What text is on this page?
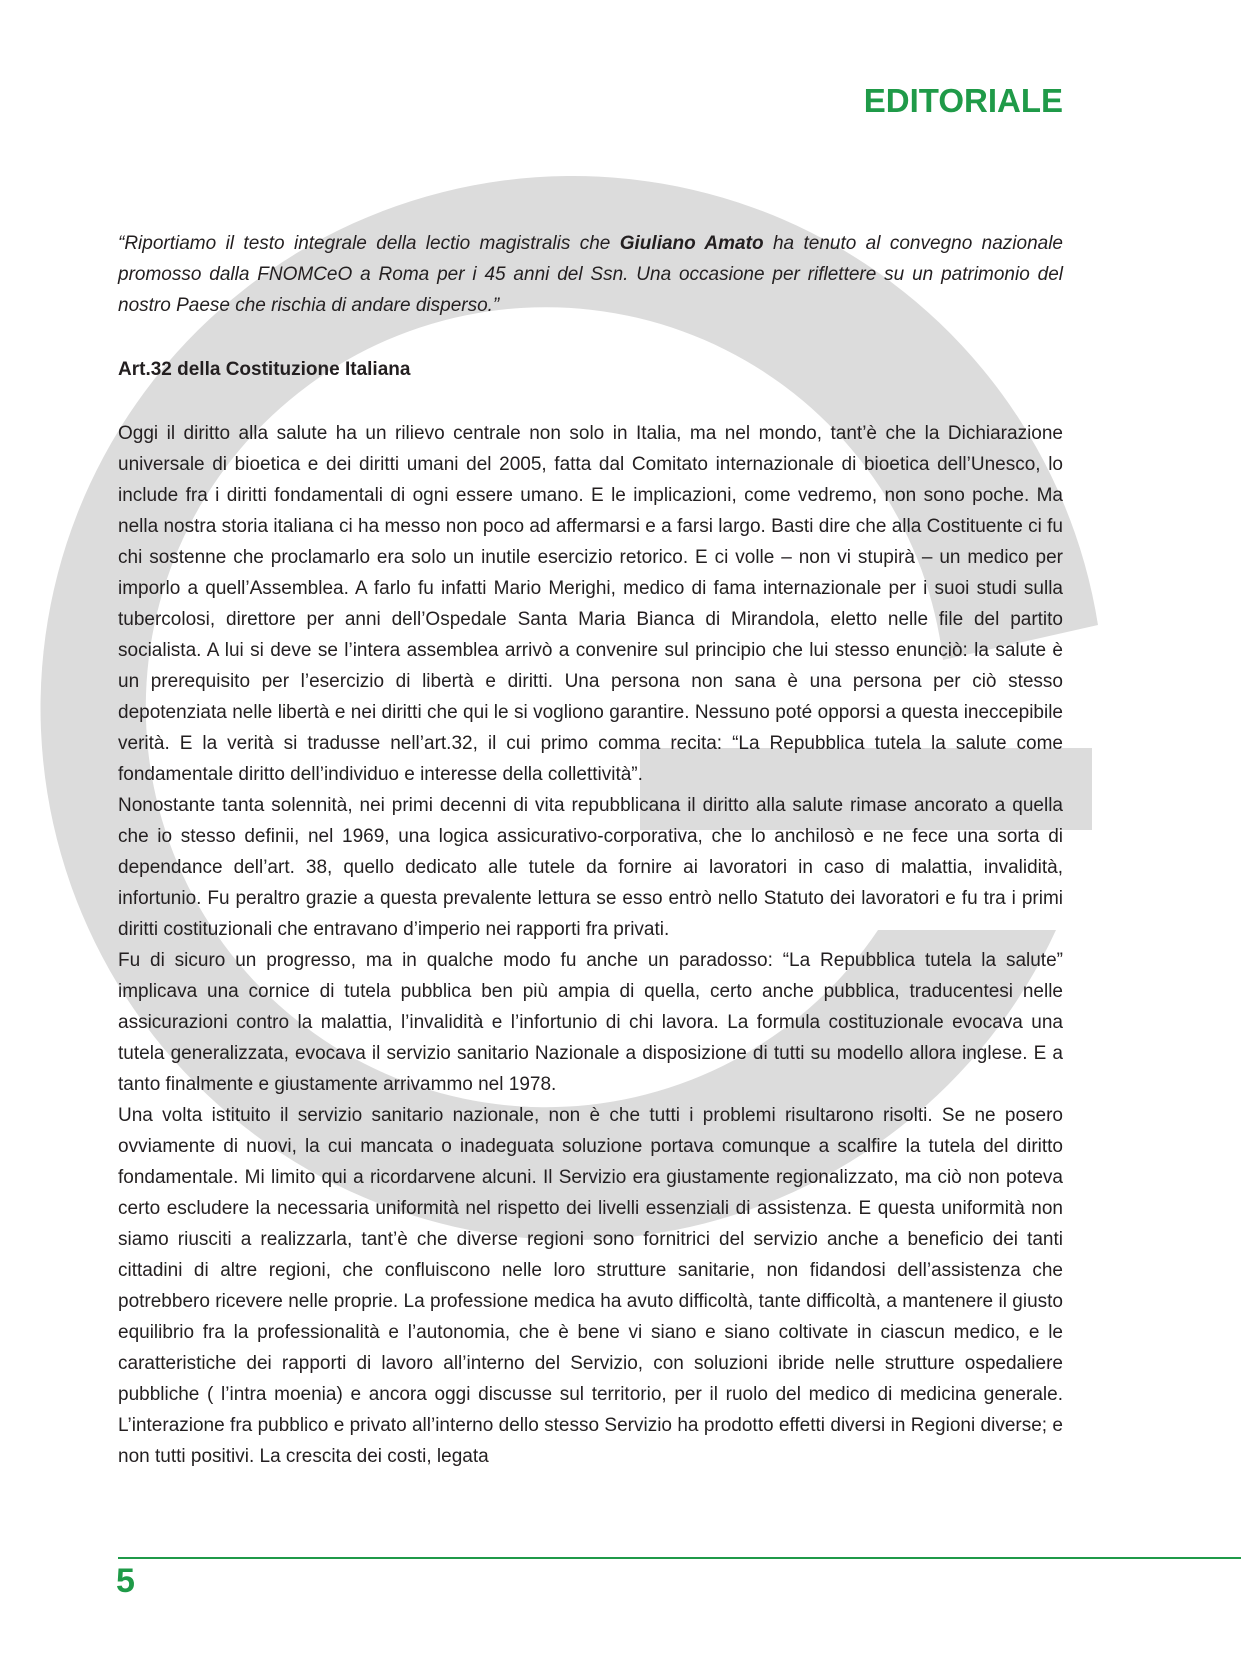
EDITORIALE

“Riportiamo il testo integrale della lectio magistralis che Giuliano Amato ha tenuto al convegno nazionale promosso dalla FNOMCeO a Roma per i 45 anni del Ssn. Una occasione per riflettere su un patrimonio del nostro Paese che rischia di andare disperso.”

Art.32 della Costituzione Italiana

Oggi il diritto alla salute ha un rilievo centrale non solo in Italia, ma nel mondo, tant’è che la Dichiarazione universale di bioetica e dei diritti umani del 2005, fatta dal Comitato internazionale di bioetica dell’Unesco, lo include fra i diritti fondamentali di ogni essere umano. E le implicazioni, come vedremo, non sono poche. Ma nella nostra storia italiana ci ha messo non poco ad affermarsi e a farsi largo. Basti dire che alla Costituente ci fu chi sostenne che proclamarlo era solo un inutile esercizio retorico. E ci volle – non vi stupirà – un medico per imporlo a quell’Assemblea. A farlo fu infatti Mario Merighi, medico di fama internazionale per i suoi studi sulla tubercolosi, direttore per anni dell’Ospedale Santa Maria Bianca di Mirandola, eletto nelle file del partito socialista. A lui si deve se l’intera assemblea arrivò a convenire sul principio che lui stesso enunciò: la salute è un prerequisito per l’esercizio di libertà e diritti. Una persona non sana è una persona per ciò stesso depotenziata nelle libertà e nei diritti che qui le si vogliono garantire. Nessuno poté opporsi a questa ineccepibile verità. E la verità si tradusse nell’art.32, il cui primo comma recita: “La Repubblica tutela la salute come fondamentale diritto dell’individuo e interesse della collettività”.

Nonostante tanta solennità, nei primi decenni di vita repubblicana il diritto alla salute rimase ancorato a quella che io stesso definii, nel 1969, una logica assicurativo-corporativa, che lo anchilosò e ne fece una sorta di dependance dell’art. 38, quello dedicato alle tutele da fornire ai lavoratori in caso di malattia, invalidità, infortunio. Fu peraltro grazie a questa prevalente lettura se esso entrò nello Statuto dei lavoratori e fu tra i primi diritti costituzionali che entravano d’imperio nei rapporti fra privati.

Fu di sicuro un progresso, ma in qualche modo fu anche un paradosso: “La Repubblica tutela la salute” implicava una cornice di tutela pubblica ben più ampia di quella, certo anche pubblica, traducentesi nelle assicurazioni contro la malattia, l’invalidità e l’infortunio di chi lavora. La formula costituzionale evocava una tutela generalizzata, evocava il servizio sanitario Nazionale a disposizione di tutti su modello allora inglese. E a tanto finalmente e giustamente arrivammo nel 1978.

Una volta istituito il servizio sanitario nazionale, non è che tutti i problemi risultarono risolti. Se ne posero ovviamente di nuovi, la cui mancata o inadeguata soluzione portava comunque a scalfire la tutela del diritto fondamentale. Mi limito qui a ricordarvene alcuni. Il Servizio era giustamente regionalizzato, ma ciò non poteva certo escludere la necessaria uniformità nel rispetto dei livelli essenziali di assistenza. E questa uniformità non siamo riusciti a realizzarla, tant’è che diverse regioni sono fornitrici del servizio anche a beneficio dei tanti cittadini di altre regioni, che confluiscono nelle loro strutture sanitarie, non fidandosi dell’assistenza che potrebbero ricevere nelle proprie. La professione medica ha avuto difficoltà, tante difficoltà, a mantenere il giusto equilibrio fra la professionalità e l’autonomia, che è bene vi siano e siano coltivate in ciascun medico, e le caratteristiche dei rapporti di lavoro all’interno del Servizio, con soluzioni ibride nelle strutture ospedaliere pubbliche ( l’intra moenia) e ancora oggi discusse sul territorio, per il ruolo del medico di medicina generale. L’interazione fra pubblico e privato all’interno dello stesso Servizio ha prodotto effetti diversi in Regioni diverse; e non tutti positivi. La crescita dei costi, legata

5
